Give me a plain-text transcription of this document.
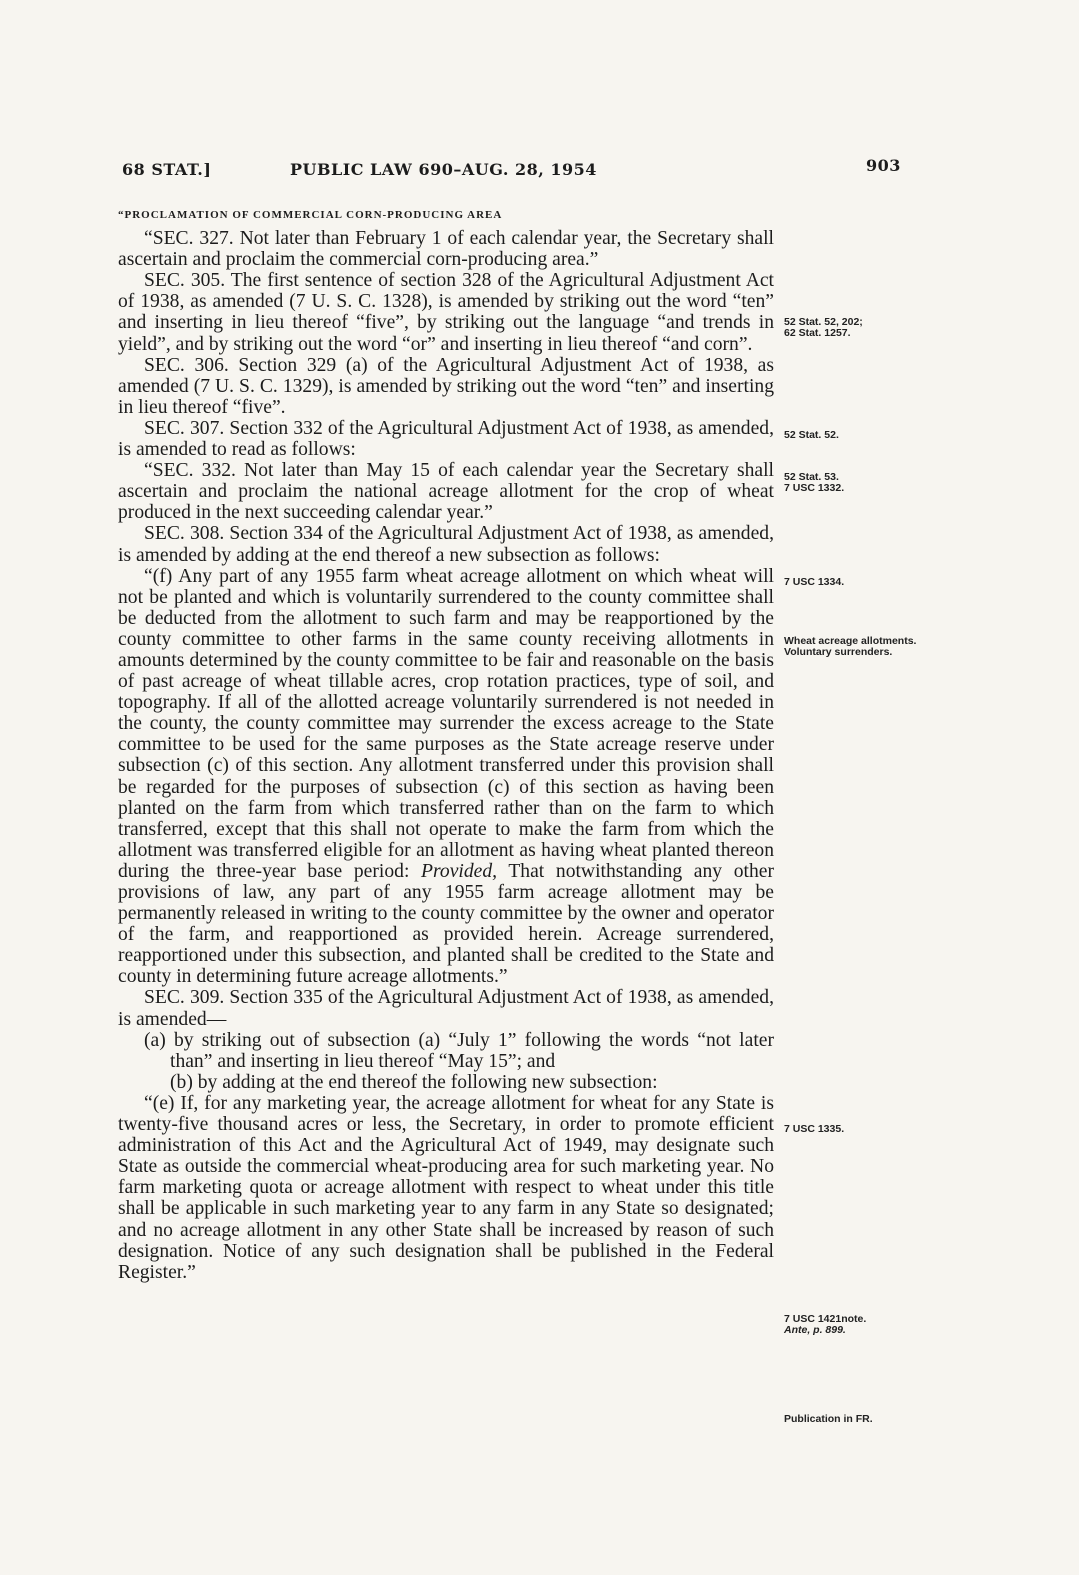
68 STAT.]	PUBLIC LAW 690–AUG. 28, 1954	903

“PROCLAMATION OF COMMERCIAL CORN-PRODUCING AREA

“SEC. 327. Not later than February 1 of each calendar year, the Secretary shall ascertain and proclaim the commercial corn-producing area.”

SEC. 305. The first sentence of section 328 of the Agricultural Adjustment Act of 1938, as amended (7 U. S. C. 1328), is amended by striking out the word “ten” and inserting in lieu thereof “five”, by striking out the language “and trends in yield”, and by striking out the word “or” and inserting in lieu thereof “and corn”.

SEC. 306. Section 329 (a) of the Agricultural Adjustment Act of 1938, as amended (7 U. S. C. 1329), is amended by striking out the word “ten” and inserting in lieu thereof “five”.

SEC. 307. Section 332 of the Agricultural Adjustment Act of 1938, as amended, is amended to read as follows:

“SEC. 332. Not later than May 15 of each calendar year the Secretary shall ascertain and proclaim the national acreage allotment for the crop of wheat produced in the next succeeding calendar year.”

SEC. 308. Section 334 of the Agricultural Adjustment Act of 1938, as amended, is amended by adding at the end thereof a new subsection as follows:

“(f) Any part of any 1955 farm wheat acreage allotment on which wheat will not be planted and which is voluntarily surrendered to the county committee shall be deducted from the allotment to such farm and may be reapportioned by the county committee to other farms in the same county receiving allotments in amounts determined by the county committee to be fair and reasonable on the basis of past acreage of wheat tillable acres, crop rotation practices, type of soil, and topography. If all of the allotted acreage voluntarily surrendered is not needed in the county, the county committee may surrender the excess acreage to the State committee to be used for the same purposes as the State acreage reserve under subsection (c) of this section. Any allotment transferred under this provision shall be regarded for the purposes of subsection (c) of this section as having been planted on the farm from which transferred rather than on the farm to which transferred, except that this shall not operate to make the farm from which the allotment was transferred eligible for an allotment as having wheat planted thereon during the three-year base period: Provided, That notwithstanding any other provisions of law, any part of any 1955 farm acreage allotment may be permanently released in writing to the county committee by the owner and operator of the farm, and reapportioned as provided herein. Acreage surrendered, reapportioned under this subsection, and planted shall be credited to the State and county in determining future acreage allotments.”

SEC. 309. Section 335 of the Agricultural Adjustment Act of 1938, as amended, is amended—

(a) by striking out of subsection (a) “July 1” following the words “not later than” and inserting in lieu thereof “May 15”; and

(b) by adding at the end thereof the following new subsection:

“(e) If, for any marketing year, the acreage allotment for wheat for any State is twenty-five thousand acres or less, the Secretary, in order to promote efficient administration of this Act and the Agricultural Act of 1949, may designate such State as outside the commercial wheat-producing area for such marketing year. No farm marketing quota or acreage allotment with respect to wheat under this title shall be applicable in such marketing year to any farm in any State so designated; and no acreage allotment in any other State shall be increased by reason of such designation. Notice of any such designation shall be published in the Federal Register.”

52 Stat. 52, 202;
62 Stat. 1257.
52 Stat. 52.
52 Stat. 53.
7 USC 1332.
7 USC 1334.
Wheat acreage allotments.
Voluntary surrenders.
7 USC 1335.
7 USC 1421note.
Ante, p. 899.
Publication in FR.
